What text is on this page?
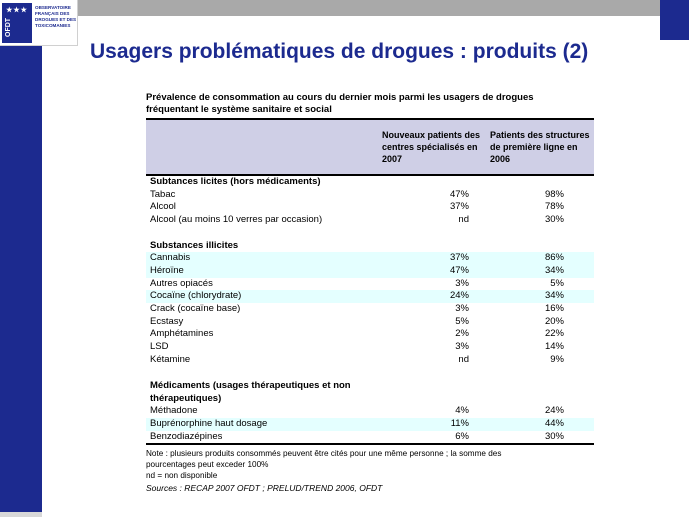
★★★
OFDT
OBSERVATOIRE
FRANÇAIS DES
DROGUES ET DES
TOXICOMANIES
Usagers problématiques de drogues : produits (2)
Prévalence de consommation au cours du dernier mois parmi les usagers de drogues
fréquentant le système sanitaire et social
	Nouveaux patients des centres spécialisés en 2007	Patients des structures de première ligne en 2006
Subtances licites (hors médicaments)		
Tabac	47%	98%
Alcool	37%	78%
Alcool (au moins 10 verres par occasion)	nd	30%

Substances illicites		
Cannabis	37%	86%
Héroïne	47%	34%
Autres opiacés	3%	5%
Cocaïne (chlorydrate)	24%	34%
Crack (cocaïne base)	3%	16%
Ecstasy	5%	20%
Amphétamines	2%	22%
LSD	3%	14%
Kétamine	nd	9%

Médicaments (usages thérapeutiques et non thérapeutiques)		
Méthadone	4%	24%
Buprénorphine haut dosage	11%	44%
Benzodiazépines	6%	30%
Note : plusieurs produits consommés peuvent être cités pour une même personne ; la somme des
pourcentages peut exceder 100%
nd = non disponible
Sources : RECAP 2007 OFDT ; PRELUD/TREND 2006, OFDT
